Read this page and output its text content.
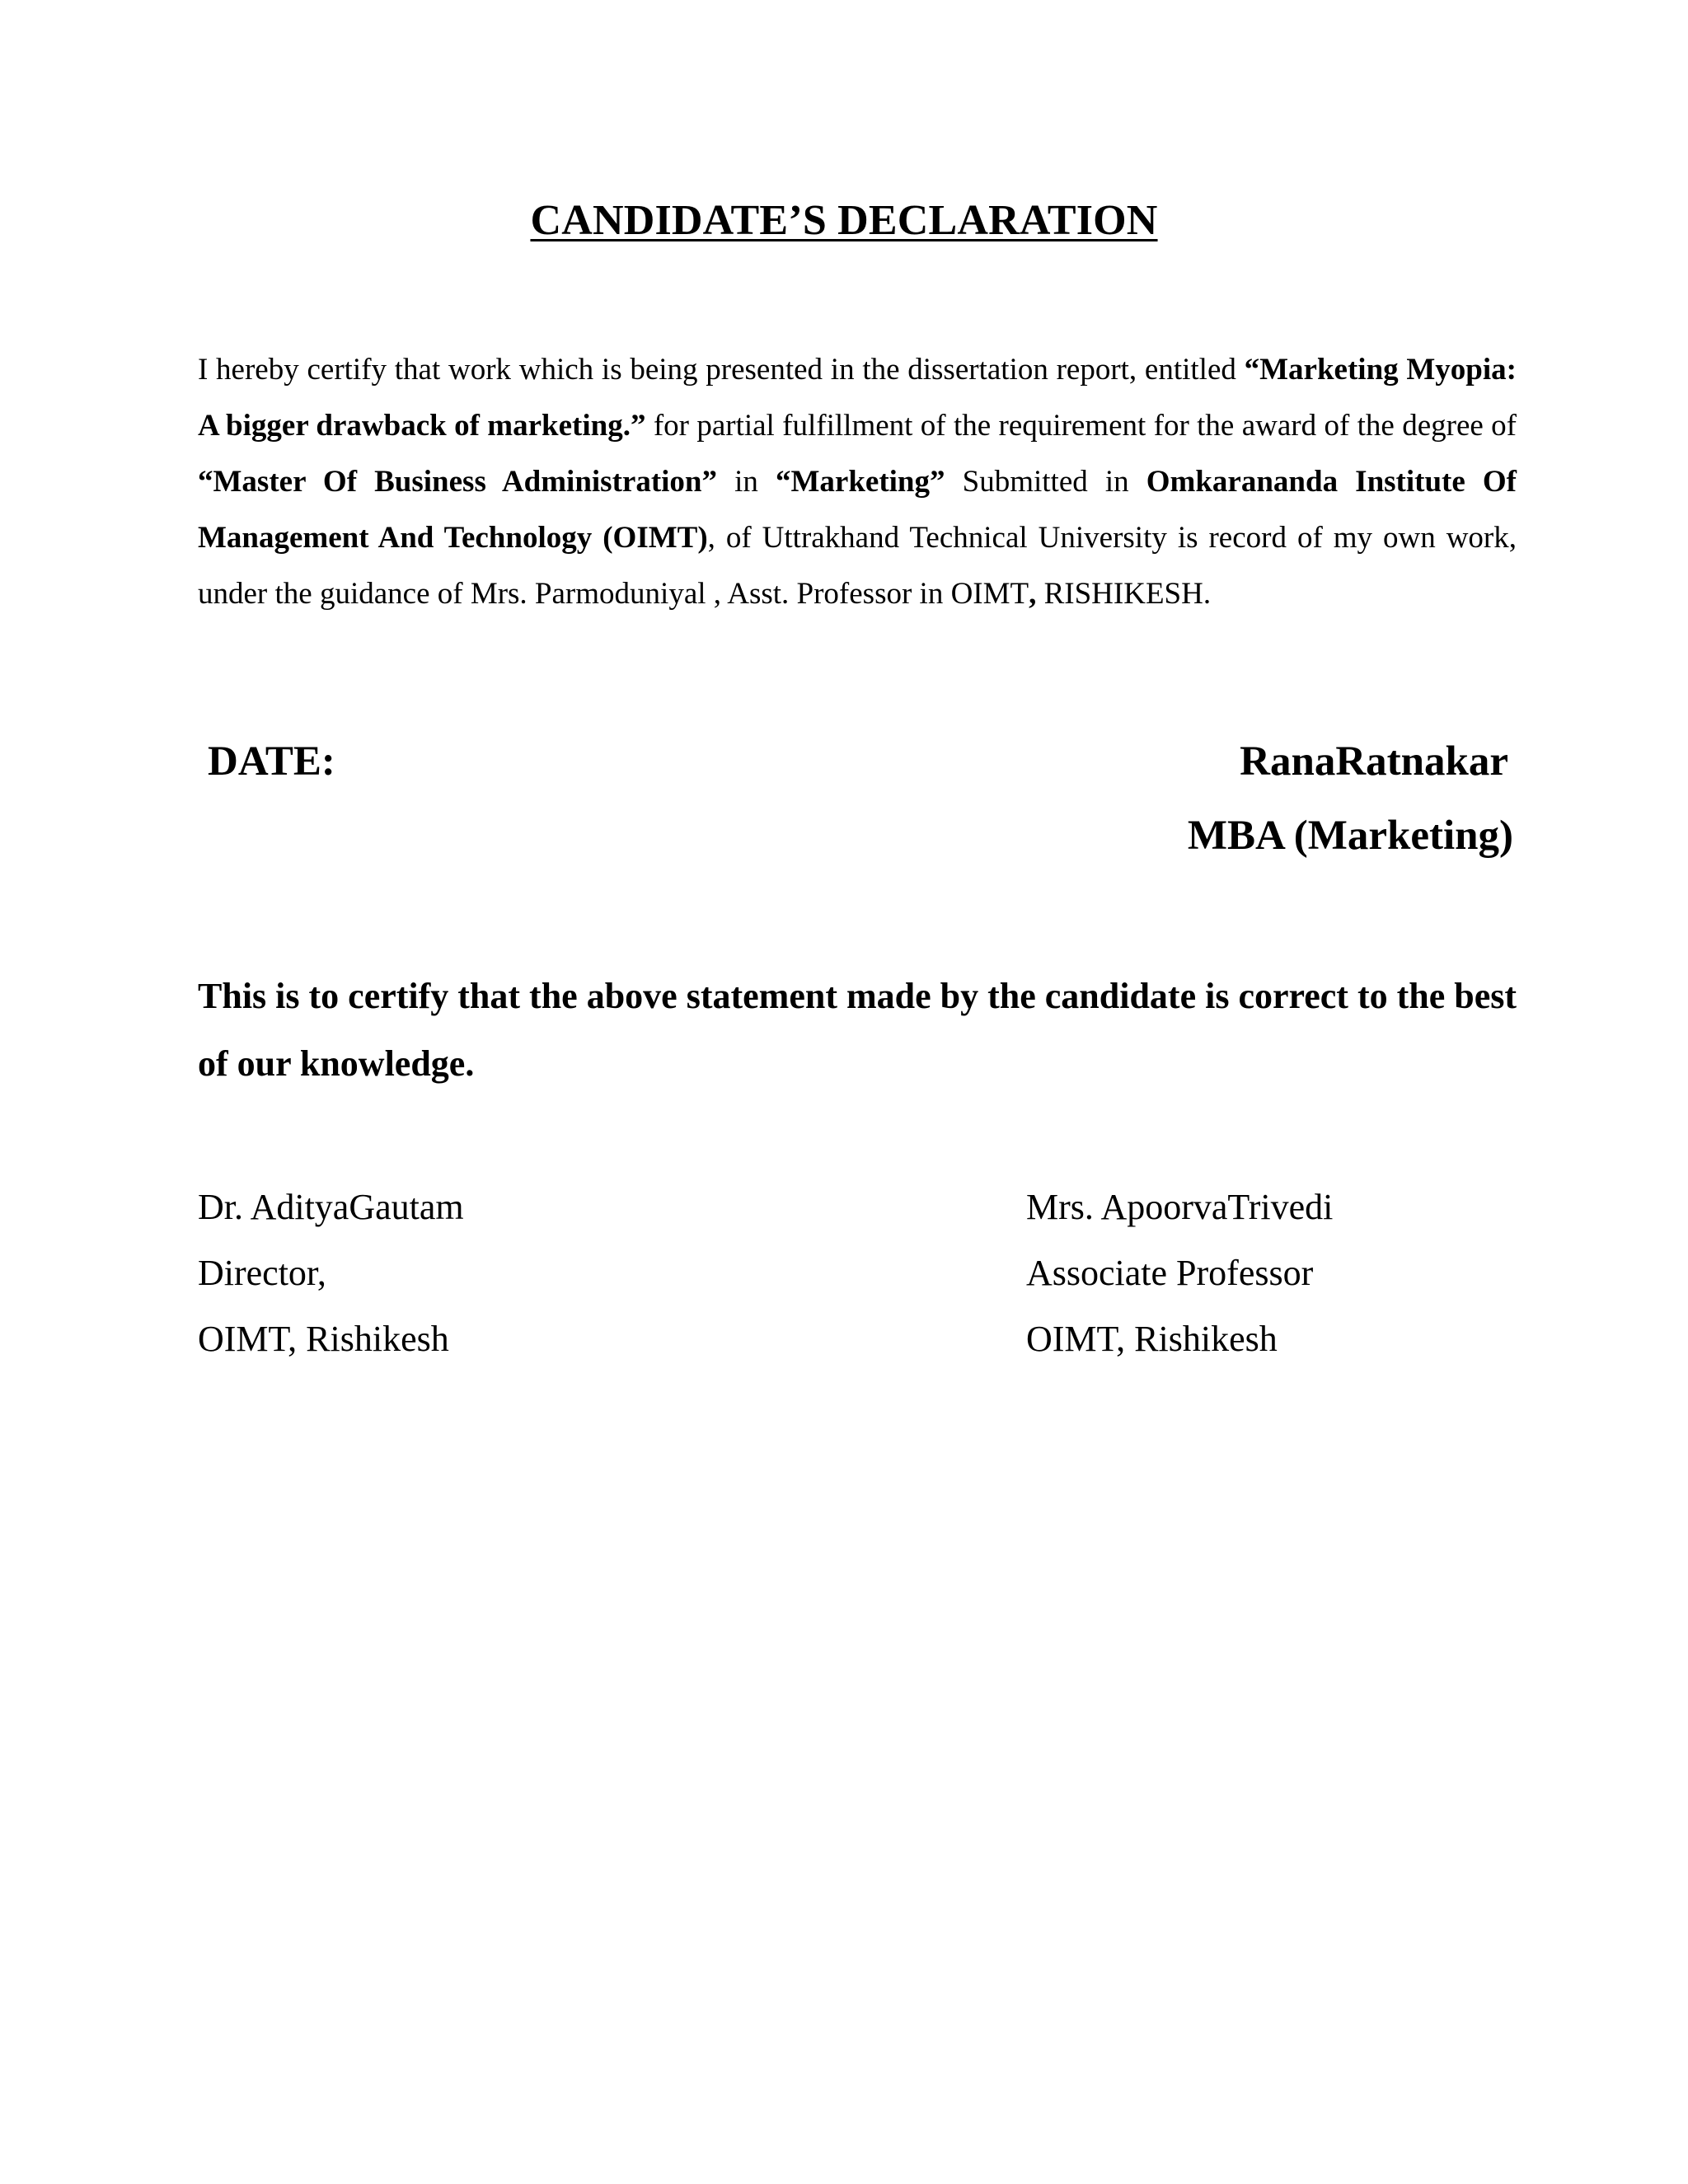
CANDIDATE’S DECLARATION

I hereby certify that work which is being presented in the dissertation report, entitled “Marketing Myopia: A bigger drawback of marketing.” for partial fulfillment of the requirement for the award of the degree of “Master Of Business Administration” in “Marketing” Submitted in Omkarananda Institute Of Management And Technology (OIMT), of Uttrakhand Technical University is record of my own work, under the guidance of Mrs. Parmoduniyal , Asst. Professor in OIMT, RISHIKESH.

DATE:	RanaRatnakar

MBA (Marketing)

This is to certify that the above statement made by the candidate is correct to the best of our knowledge.

Dr. AdityaGautam
Director,
OIMT, Rishikesh
Mrs. ApoorvaTrivedi
Associate Professor
OIMT, Rishikesh
